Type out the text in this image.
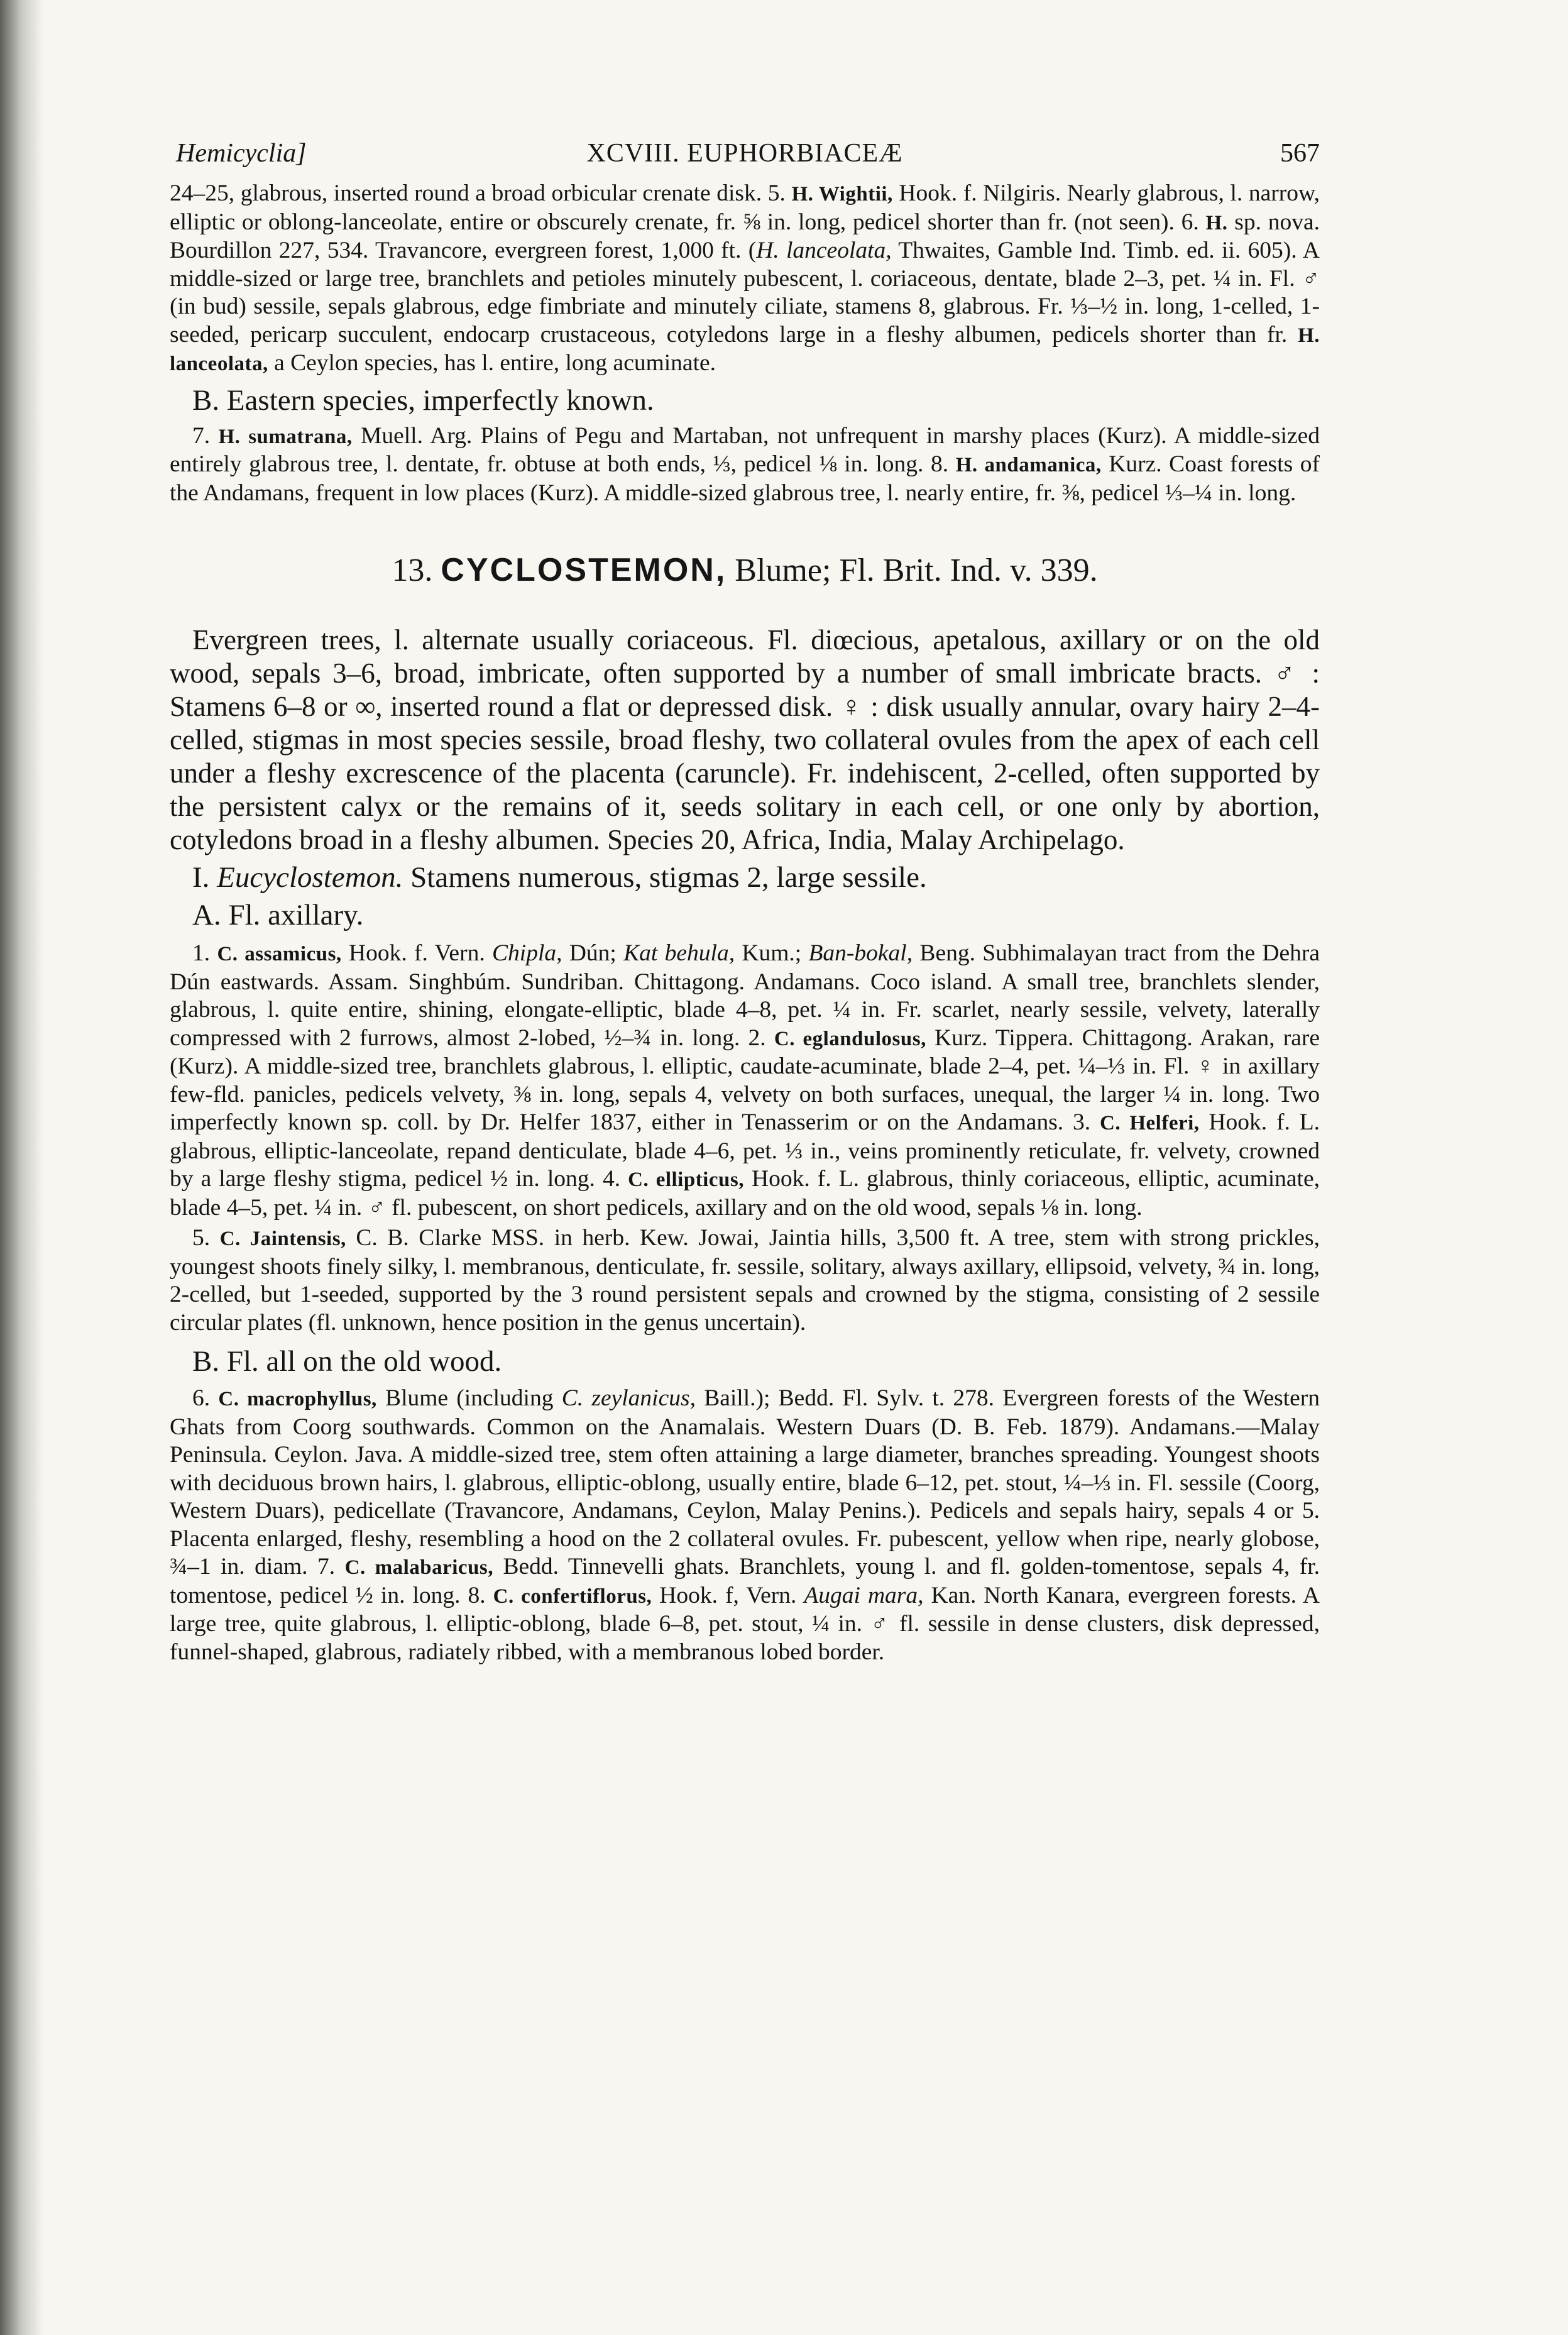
Hemicyclia]	XCVIII. EUPHORBIACEÆ	567

24–25, glabrous, inserted round a broad orbicular crenate disk. 5. H. Wightii, Hook. f. Nilgiris. Nearly glabrous, l. narrow, elliptic or oblong-lanceolate, entire or obscurely crenate, fr. ⅝ in. long, pedicel shorter than fr. (not seen). 6. H. sp. nova. Bourdillon 227, 534. Travancore, evergreen forest, 1,000 ft. (H. lanceolata, Thwaites, Gamble Ind. Timb. ed. ii. 605). A middle-sized or large tree, branchlets and petioles minutely pubescent, l. coriaceous, dentate, blade 2–3, pet. ¼ in. Fl. ♂ (in bud) sessile, sepals glabrous, edge fimbriate and minutely ciliate, stamens 8, glabrous. Fr. ⅓–½ in. long, 1-celled, 1-seeded, pericarp succulent, endocarp crustaceous, cotyledons large in a fleshy albumen, pedicels shorter than fr. H. lanceolata, a Ceylon species, has l. entire, long acuminate.

B. Eastern species, imperfectly known.

7. H. sumatrana, Muell. Arg. Plains of Pegu and Martaban, not unfrequent in marshy places (Kurz). A middle-sized entirely glabrous tree, l. dentate, fr. obtuse at both ends, ⅓, pedicel ⅛ in. long. 8. H. andamanica, Kurz. Coast forests of the Andamans, frequent in low places (Kurz). A middle-sized glabrous tree, l. nearly entire, fr. ⅜, pedicel ⅓–¼ in. long.

13. CYCLOSTEMON, Blume; Fl. Brit. Ind. v. 339.

Evergreen trees, l. alternate usually coriaceous. Fl. diœcious, apetalous, axillary or on the old wood, sepals 3–6, broad, imbricate, often supported by a number of small imbricate bracts. ♂ : Stamens 6–8 or ∞, inserted round a flat or depressed disk. ♀ : disk usually annular, ovary hairy 2–4-celled, stigmas in most species sessile, broad fleshy, two collateral ovules from the apex of each cell under a fleshy excrescence of the placenta (caruncle). Fr. indehiscent, 2-celled, often supported by the persistent calyx or the remains of it, seeds solitary in each cell, or one only by abortion, cotyledons broad in a fleshy albumen. Species 20, Africa, India, Malay Archipelago.

I. Eucyclostemon. Stamens numerous, stigmas 2, large sessile.

A. Fl. axillary.

1. C. assamicus, Hook. f. Vern. Chipla, Dún; Kat behula, Kum.; Ban-bokal, Beng. Subhimalayan tract from the Dehra Dún eastwards. Assam. Singhbúm. Sundriban. Chittagong. Andamans. Coco island. A small tree, branchlets slender, glabrous, l. quite entire, shining, elongate-elliptic, blade 4–8, pet. ¼ in. Fr. scarlet, nearly sessile, velvety, laterally compressed with 2 furrows, almost 2-lobed, ½–¾ in. long. 2. C. eglandulosus, Kurz. Tippera. Chittagong. Arakan, rare (Kurz). A middle-sized tree, branchlets glabrous, l. elliptic, caudate-acuminate, blade 2–4, pet. ¼–⅓ in. Fl. ♀ in axillary few-fld. panicles, pedicels velvety, ⅜ in. long, sepals 4, velvety on both surfaces, unequal, the larger ¼ in. long. Two imperfectly known sp. coll. by Dr. Helfer 1837, either in Tenasserim or on the Andamans. 3. C. Helferi, Hook. f. L. glabrous, elliptic-lanceolate, repand denticulate, blade 4–6, pet. ⅓ in., veins prominently reticulate, fr. velvety, crowned by a large fleshy stigma, pedicel ½ in. long. 4. C. ellipticus, Hook. f. L. glabrous, thinly coriaceous, elliptic, acuminate, blade 4–5, pet. ¼ in. ♂ fl. pubescent, on short pedicels, axillary and on the old wood, sepals ⅛ in. long.

5. C. Jaintensis, C. B. Clarke MSS. in herb. Kew. Jowai, Jaintia hills, 3,500 ft. A tree, stem with strong prickles, youngest shoots finely silky, l. membranous, denticulate, fr. sessile, solitary, always axillary, ellipsoid, velvety, ¾ in. long, 2-celled, but 1-seeded, supported by the 3 round persistent sepals and crowned by the stigma, consisting of 2 sessile circular plates (fl. unknown, hence position in the genus uncertain).

B. Fl. all on the old wood.

6. C. macrophyllus, Blume (including C. zeylanicus, Baill.); Bedd. Fl. Sylv. t. 278. Evergreen forests of the Western Ghats from Coorg southwards. Common on the Anamalais. Western Duars (D. B. Feb. 1879). Andamans.—Malay Peninsula. Ceylon. Java. A middle-sized tree, stem often attaining a large diameter, branches spreading. Youngest shoots with deciduous brown hairs, l. glabrous, elliptic-oblong, usually entire, blade 6–12, pet. stout, ¼–⅓ in. Fl. sessile (Coorg, Western Duars), pedicellate (Travancore, Andamans, Ceylon, Malay Penins.). Pedicels and sepals hairy, sepals 4 or 5. Placenta enlarged, fleshy, resembling a hood on the 2 collateral ovules. Fr. pubescent, yellow when ripe, nearly globose, ¾–1 in. diam. 7. C. malabaricus, Bedd. Tinnevelli ghats. Branchlets, young l. and fl. golden-tomentose, sepals 4, fr. tomentose, pedicel ½ in. long. 8. C. confertiflorus, Hook. f, Vern. Augai mara, Kan. North Kanara, evergreen forests. A large tree, quite glabrous, l. elliptic-oblong, blade 6–8, pet. stout, ¼ in. ♂ fl. sessile in dense clusters, disk depressed, funnel-shaped, glabrous, radiately ribbed, with a membranous lobed border.
